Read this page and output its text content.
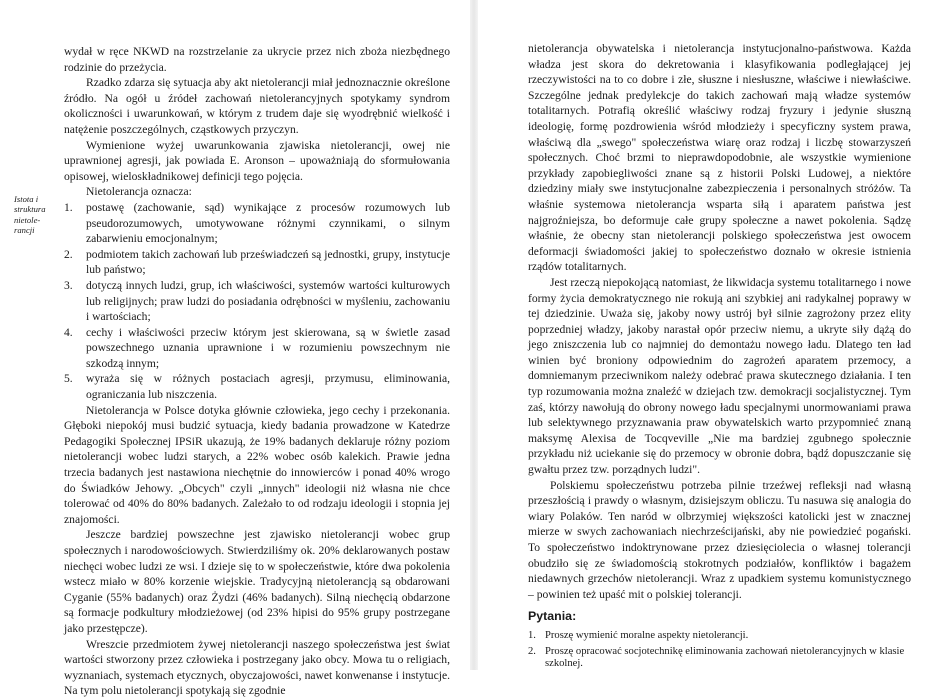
Istota i struktura nietole-rancji

wydał w ręce NKWD na rozstrzelanie za ukrycie przez nich zboża niezbędnego rodzinie do przeżycia.

Rzadko zdarza się sytuacja aby akt nietolerancji miał jednoznacznie określone źródło. Na ogół u źródeł zachowań nietolerancyjnych spotykamy syndrom okoliczności i uwarunkowań, w którym z trudem daje się wyodrębnić wielkość i natężenie poszczególnych, cząstkowych przyczyn.

Wymienione wyżej uwarunkowania zjawiska nietolerancji, owej nie uprawnionej agresji, jak powiada E. Aronson – upoważniają do sformułowania opisowej, wieloskładnikowej definicji tego pojęcia.

Nietolerancja oznacza:

1.	postawę (zachowanie, sąd) wynikające z procesów rozumowych lub pseudorozumowych, umotywowane różnymi czynnikami, o silnym zabarwieniu emocjonalnym;
2.	podmiotem takich zachowań lub przeświadczeń są jednostki, grupy, instytucje lub państwo;
3.	dotyczą innych ludzi, grup, ich właściwości, systemów wartości kulturowych lub religijnych; praw ludzi do posiadania odrębności w myśleniu, zachowaniu i wartościach;
4.	cechy i właściwości przeciw którym jest skierowana, są w świetle zasad powszechnego uznania uprawnione i w rozumieniu powszechnym nie szkodzą innym;
5.	wyraża się w różnych postaciach agresji, przymusu, eliminowania, ograniczania lub niszczenia.

Nietolerancja w Polsce dotyka głównie człowieka, jego cechy i przekonania. Głęboki niepokój musi budzić sytuacja, kiedy badania prowadzone w Katedrze Pedagogiki Społecznej IPSiR ukazują, że 19% badanych deklaruje różny poziom nietolerancji wobec ludzi starych, a 22% wobec osób kalekich. Prawie jedna trzecia badanych jest nastawiona niechętnie do innowierców i ponad 40% wrogo do Świadków Jehowy. „Obcych" czyli „innych" ideologii niż własna nie chce tolerować od 40% do 80% badanych. Zależało to od rodzaju ideologii i stopnia jej znajomości.

Jeszcze bardziej powszechne jest zjawisko nietolerancji wobec grup społecznych i narodowościowych. Stwierdziliśmy ok. 20% deklarowanych postaw niechęci wobec ludzi ze wsi. I dzieje się to w społeczeństwie, które dwa pokolenia wstecz miało w 80% korzenie wiejskie. Tradycyjną nietolerancją są obdarowani Cyganie (55% badanych) oraz Żydzi (46% badanych). Silną niechęcią obdarzone są formacje podkultury młodzieżowej (od 23% hipisi do 95% grupy postrzegane jako przestępcze).

Wreszcie przedmiotem żywej nietolerancji naszego społeczeństwa jest świat wartości stworzony przez człowieka i postrzegany jako obcy. Mowa tu o religiach, wyznaniach, systemach etycznych, obyczajowości, nawet konwenanse i instytucje. Na tym polu nietolerancji spotykają się zgodnie

nietolerancja obywatelska i nietolerancja instytucjonalno-państwowa. Każda władza jest skora do dekretowania i klasyfikowania podległającej jej rzeczywistości na to co dobre i złe, słuszne i niesłuszne, właściwe i niewłaściwe. Szczególne jednak predylekcje do takich zachowań mają władze systemów totalitarnych. Potrafią określić właściwy rodzaj fryzury i jedynie słuszną ideologię, formę pozdrowienia wśród młodzieży i specyficzny system prawa, właściwą dla „swego" społeczeństwa wiarę oraz rodzaj i liczbę stowarzyszeń społecznych. Choć brzmi to nieprawdopodobnie, ale wszystkie wymienione przykłady zapobiegliwości znane są z historii Polski Ludowej, a niektóre dziedziny miały swe instytucjonalne zabezpieczenia i personalnych stróżów. Ta właśnie systemowa nietolerancja wsparta siłą i aparatem państwa jest najgroźniejsza, bo deformuje całe grupy społeczne a nawet pokolenia. Sądzę właśnie, że obecny stan nietolerancji polskiego społeczeństwa jest owocem deformacji świadomości jakiej to społeczeństwo doznało w okresie istnienia rządów totalitarnych.

Jest rzeczą niepokojącą natomiast, że likwidacja systemu totalitarnego i nowe formy życia demokratycznego nie rokują ani szybkiej ani radykalnej poprawy w tej dziedzinie. Uważa się, jakoby nowy ustrój był silnie zagrożony przez elity poprzedniej władzy, jakoby narastał opór przeciw niemu, a ukryte siły dążą do jego zniszczenia lub co najmniej do demontażu nowego ładu. Dlatego ten ład winien być broniony odpowiednim do zagrożeń aparatem przemocy, a domniemanym przeciwnikom należy odebrać prawa skutecznego działania. I ten typ rozumowania można znaleźć w dziejach tzw. demokracji socjalistycznej. Tym zaś, którzy nawołują do obrony nowego ładu specjalnymi unormowaniami prawa lub selektywnego przyznawania praw obywatelskich warto przypomnieć znaną maksymę Alexisa de Tocqveville „Nie ma bardziej zgubnego społecznie przykładu niż uciekanie się do przemocy w obronie dobra, bądź dopuszczanie się gwałtu przez tzw. porządnych ludzi".

Polskiemu społeczeństwu potrzeba pilnie trzeźwej refleksji nad własną przeszłością i prawdy o własnym, dzisiejszym obliczu. Tu nasuwa się analogia do wiary Polaków. Ten naród w olbrzymiej większości katolicki jest w znacznej mierze w swych zachowaniach niechrześcijański, aby nie powiedzieć pogański. To społeczeństwo indoktrynowane przez dziesięciolecia o własnej tolerancji obudziło się ze świadomością stokrotnych podziałów, konfliktów i bagażem niedawnych grzechów nietolerancji. Wraz z upadkiem systemu komunistycznego – powinien też upaść mit o polskiej tolerancji.

Pytania:
1. Proszę wymienić moralne aspekty nietolerancji.
2. Proszę opracować socjotechnikę eliminowania zachowań nietolerancyjnych w klasie szkolnej.
